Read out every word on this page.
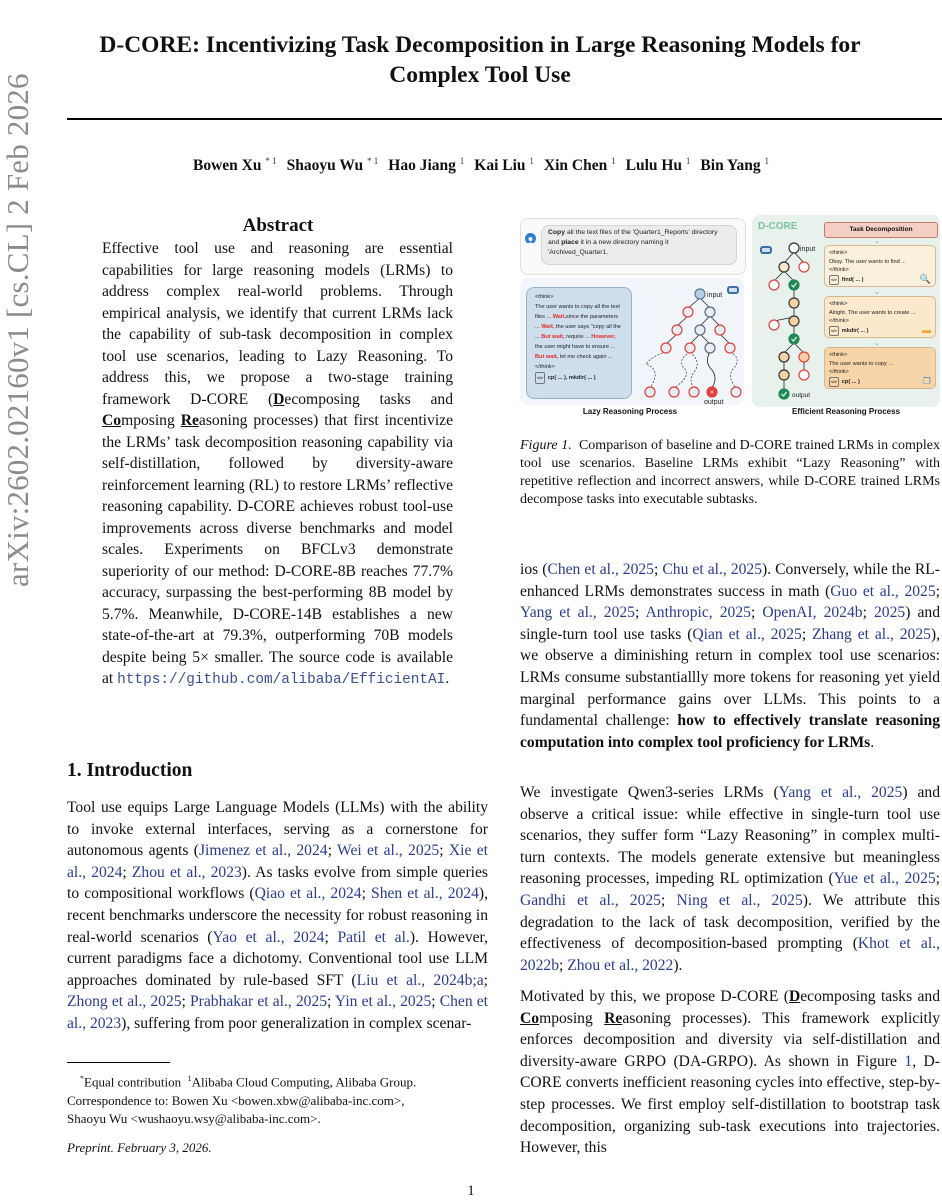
D-CORE: Incentivizing Task Decomposition in Large Reasoning Models for
Complex Tool Use
Bowen Xu $^{* 1}$ Shaoyu Wu $^{* 1}$ Hao Jiang $^1$ Kai Liu $^1$ Xin Chen $^1$ Lulu Hu $^1$ Bin Yang $^1$
arXiv:2602.02160v1 [cs.CL] 2 Feb 2026	Abstract
Effective tool use and reasoning are essential capabilities for large reasoning models (LRMs) to address complex real-world problems. Through empirical analysis, we identify that current LRMs lack the capability of sub-task decomposition in complex tool use scenarios, leading to Lazy Reasoning. To address this, we propose a two-stage training framework D-CORE (Decomposing tasks and Composing Reasoning processes) that first incentivize the LRMs’ task decomposition reasoning capability via self-distillation, followed by diversity-aware reinforcement learning (RL) to restore LRMs’ reflective reasoning capability. D-CORE achieves robust tool-use improvements across diverse benchmarks and model scales. Experiments on BFCLv3 demonstrate superiority of our method: D-CORE-8B reaches 77.7% accuracy, surpassing the best-performing 8B model by 5.7%. Meanwhile, D-CORE-14B establishes a new state-of-the-art at 79.3%, outperforming 70B models despite being 5× smaller. The source code is available at https://github.com/alibaba/EfficientAI.
1. Introduction
Tool use equips Large Language Models (LLMs) with the ability to invoke external interfaces, serving as a cornerstone for autonomous agents (Jimenez et al., 2024; Wei et al., 2025; Xie et al., 2024; Zhou et al., 2023). As tasks evolve from simple queries to compositional workflows (Qiao et al., 2024; Shen et al., 2024), recent benchmarks underscore the necessity for robust reasoning in real-world scenarios (Yao et al., 2024; Patil et al.). However, current paradigms face a dichotomy. Conventional tool use LLM approaches dominated by rule-based SFT (Liu et al., 2024b;a; Zhong et al., 2025; Prabhakar et al., 2025; Yin et al., 2025; Chen et al., 2023), suffering from poor generalization in complex scenar-
*Equal contribution $^1$Alibaba Cloud Computing, Alibaba Group.
Correspondence to: Bowen Xu <bowen.xbw@alibaba-inc.com>,
Shaoyu Wu <wushaoyu.wsy@alibaba-inc.com>.
Preprint. February 3, 2026.
1
Copy all the text files of the 'Quarter1_Reports' directory and place it in a new directory naming it 'Archived_Quarter1.
<think>
The user wants to copy all the text files ... Wait,since the parameters ... Wait, the user says "copy all the ... But wait, require ... However, the user might have to ensure ... But wait, let me check again ...
</think>
</> cp( ... ), mkdir( ... )
×
input
output
Lazy Reasoning Process
D-CORE	Task Decomposition
⌄
<think>
Okay. The user wants to find ...
</think>
</> find( ... )	🔍
⌄
<think>
Alright. The user wants to create ...
</think>
</> mkdir( ... )	▬
⌄
<think>
The user wants to copy ...
</think>
</> cp( ... )	❐
input
output
Efficient Reasoning Process
Figure 1. Comparison of baseline and D-CORE trained LRMs in complex tool use scenarios. Baseline LRMs exhibit “Lazy Reasoning” with repetitive reflection and incorrect answers, while D-CORE trained LRMs decompose tasks into executable subtasks.
ios (Chen et al., 2025; Chu et al., 2025). Conversely, while the RL-enhanced LRMs demonstrates success in math (Guo et al., 2025; Yang et al., 2025; Anthropic, 2025; OpenAI, 2024b; 2025) and single-turn tool use tasks (Qian et al., 2025; Zhang et al., 2025), we observe a diminishing return in complex tool use scenarios: LRMs consume substantiallly more tokens for reasoning yet yield marginal performance gains over LLMs. This points to a fundamental challenge: how to effectively translate reasoning computation into complex tool proficiency for LRMs.
We investigate Qwen3-series LRMs (Yang et al., 2025) and observe a critical issue: while effective in single-turn tool use scenarios, they suffer form “Lazy Reasoning” in complex multi-turn contexts. The models generate extensive but meaningless reasoning processes, impeding RL optimization (Yue et al., 2025; Gandhi et al., 2025; Ning et al., 2025). We attribute this degradation to the lack of task decomposition, verified by the effectiveness of decomposition-based prompting (Khot et al., 2022b; Zhou et al., 2022).
Motivated by this, we propose D-CORE (Decomposing tasks and Composing Reasoning processes). This framework explicitly enforces decomposition and diversity via self-distillation and diversity-aware GRPO (DA-GRPO). As shown in Figure 1, D-CORE converts inefficient reasoning cycles into effective, step-by-step processes. We first employ self-distillation to bootstrap task decomposition, organizing sub-task executions into trajectories. However, this
